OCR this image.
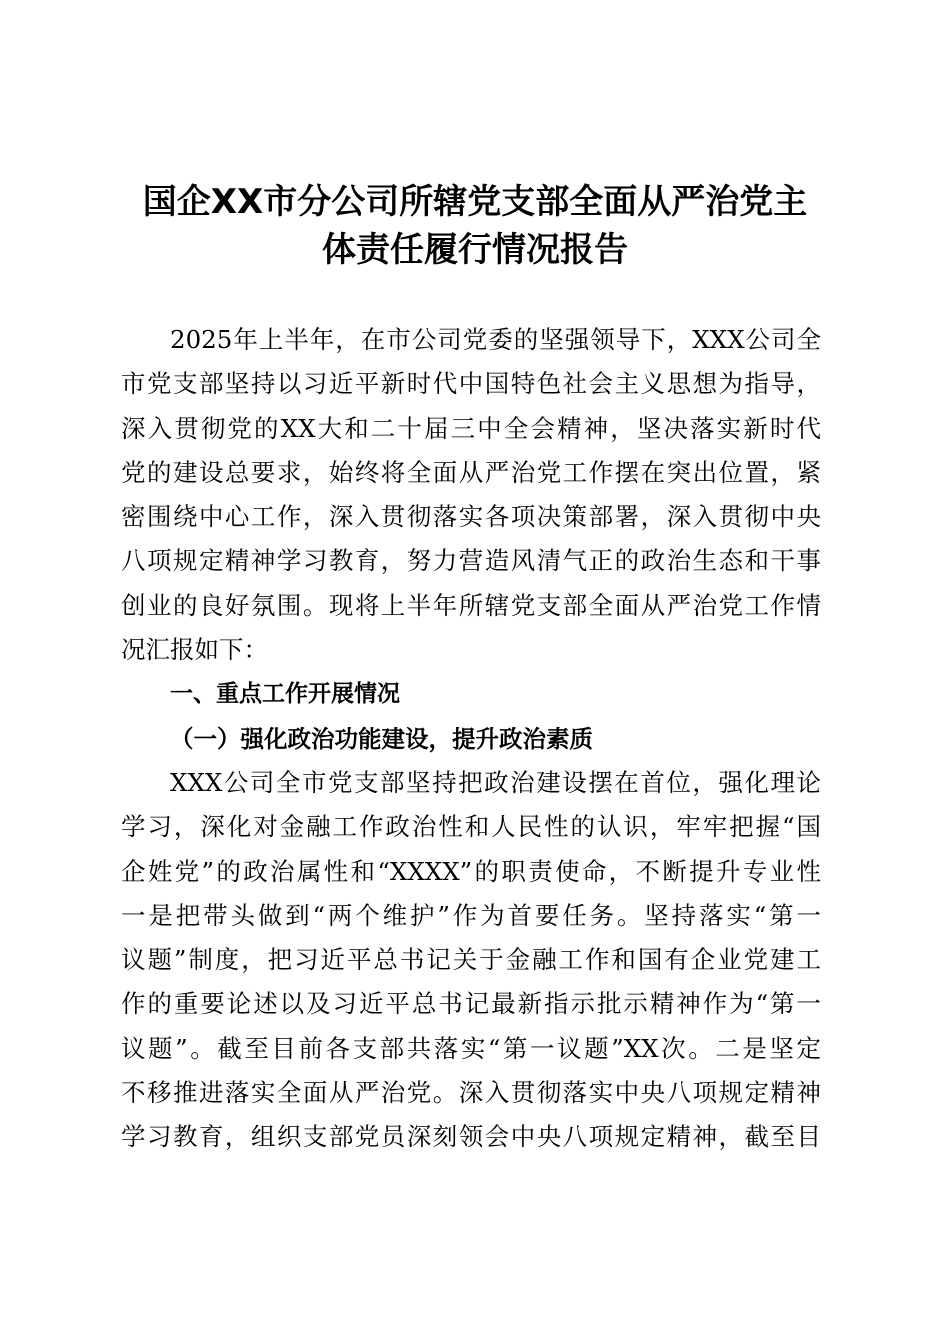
国企XX市分公司所辖党支部全面从严治党主
体责任履行情况报告

2025年上半年，在市公司党委的坚强领导下，XXX公司全
市党支部坚持以习近平新时代中国特色社会主义思想为指导，
深入贯彻党的XX大和二十届三中全会精神，坚决落实新时代
党的建设总要求，始终将全面从严治党工作摆在突出位置，紧
密围绕中心工作，深入贯彻落实各项决策部署，深入贯彻中央
八项规定精神学习教育，努力营造风清气正的政治生态和干事
创业的良好氛围。现将上半年所辖党支部全面从严治党工作情
况汇报如下：

一、重点工作开展情况
（一）强化政治功能建设，提升政治素质

XXX公司全市党支部坚持把政治建设摆在首位，强化理论
学习，深化对金融工作政治性和人民性的认识，牢牢把握“国
企姓党”的政治属性和“XXXX”的职责使命，不断提升专业性
一是把带头做到“两个维护”作为首要任务。坚持落实“第一
议题”制度，把习近平总书记关于金融工作和国有企业党建工
作的重要论述以及习近平总书记最新指示批示精神作为“第一
议题”。截至目前各支部共落实“第一议题”XX次。二是坚定
不移推进落实全面从严治党。深入贯彻落实中央八项规定精神
学习教育，组织支部党员深刻领会中央八项规定精神，截至目
